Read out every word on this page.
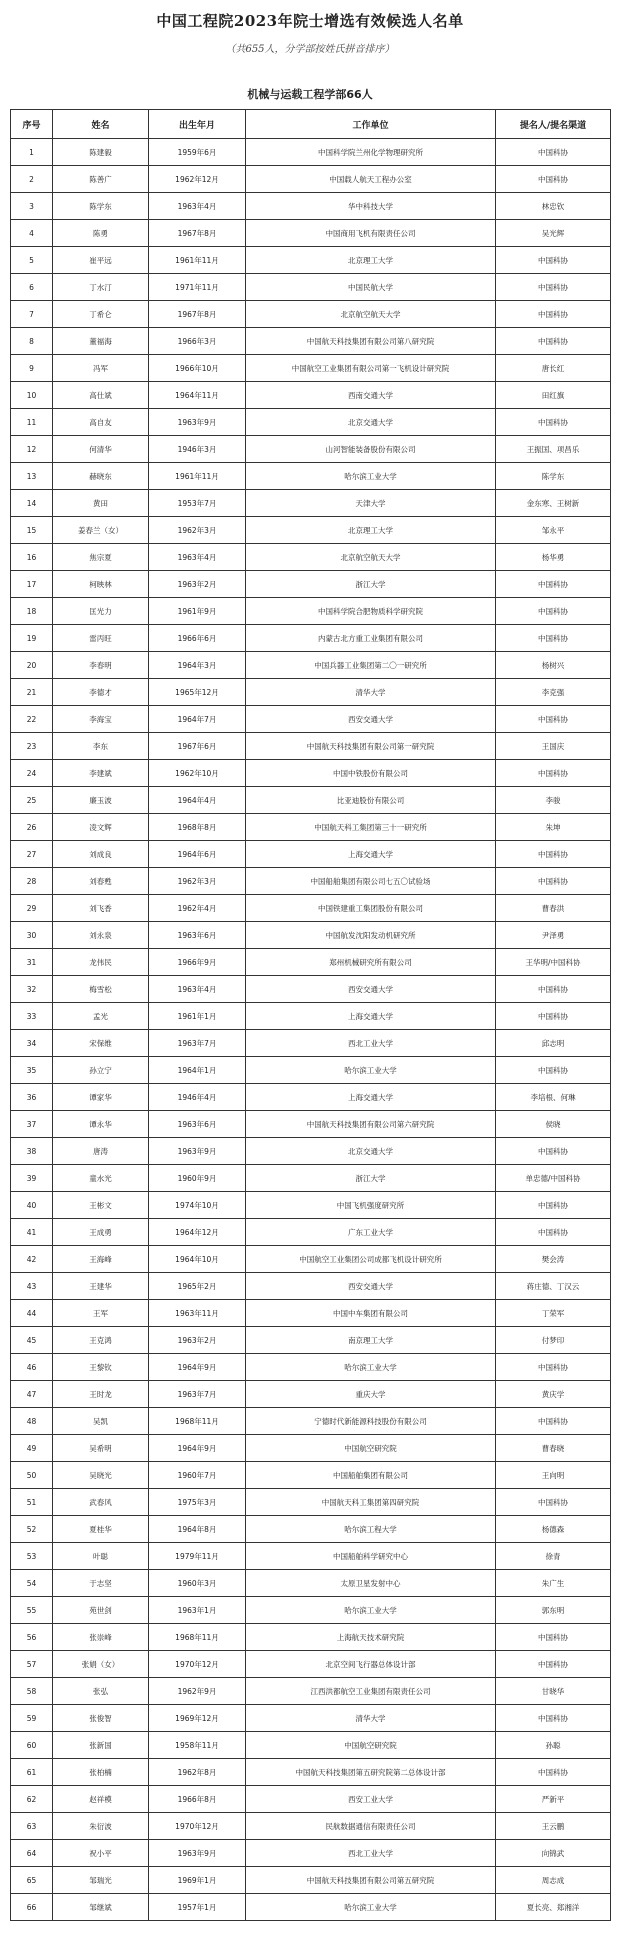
中国工程院2023年院士增选有效候选人名单
（共655人，分学部按姓氏拼音排序）
机械与运载工程学部66人
序号	姓名	出生年月	工作单位	提名人/提名渠道
1	陈建毅	1959年6月	中国科学院兰州化学物理研究所	中国科协
2	陈善广	1962年12月	中国载人航天工程办公室	中国科协
3	陈学东	1963年4月	华中科技大学	林忠钦
4	陈勇	1967年8月	中国商用飞机有限责任公司	吴光辉
5	崔平远	1961年11月	北京理工大学	中国科协
6	丁水汀	1971年11月	中国民航大学	中国科协
7	丁希仑	1967年8月	北京航空航天大学	中国科协
8	董福海	1966年3月	中国航天科技集团有限公司第八研究院	中国科协
9	冯军	1966年10月	中国航空工业集团有限公司第一飞机设计研究院	唐长红
10	高仕斌	1964年11月	西南交通大学	田红旗
11	高自友	1963年9月	北京交通大学	中国科协
12	何清华	1946年3月	山河智能装备股份有限公司	王振国、项昌乐
13	赫晓东	1961年11月	哈尔滨工业大学	陈学东
14	黄田	1953年7月	天津大学	金东寒、王树新
15	姜春兰（女）	1962年3月	北京理工大学	邹永平
16	焦宗夏	1963年4月	北京航空航天大学	杨华勇
17	柯映林	1963年2月	浙江大学	中国科协
18	匡光力	1961年9月	中国科学院合肥物质科学研究院	中国科协
19	雷丙旺	1966年6月	内蒙古北方重工业集团有限公司	中国科协
20	李春明	1964年3月	中国兵器工业集团第二〇一研究所	杨树兴
21	李德才	1965年12月	清华大学	李克强
22	李海宝	1964年7月	西安交通大学	中国科协
23	李东	1967年6月	中国航天科技集团有限公司第一研究院	王国庆
24	李建斌	1962年10月	中国中铁股份有限公司	中国科协
25	廉玉波	1964年4月	比亚迪股份有限公司	李骏
26	凌文辉	1968年8月	中国航天科工集团第三十一研究所	朱坤
27	刘成良	1964年6月	上海交通大学	中国科协
28	刘春甦	1962年3月	中国船舶集团有限公司七五〇试验场	中国科协
29	刘飞香	1962年4月	中国铁建重工集团股份有限公司	曹春洪
30	刘永泉	1963年6月	中国航发沈阳发动机研究所	尹泽勇
31	龙伟民	1966年9月	郑州机械研究所有限公司	王华明/中国科协
32	梅雪松	1963年4月	西安交通大学	中国科协
33	孟光	1961年1月	上海交通大学	中国科协
34	宋保维	1963年7月	西北工业大学	邱志明
35	孙立宁	1964年1月	哈尔滨工业大学	中国科协
36	谭家华	1946年4月	上海交通大学	李培根、何琳
37	谭永华	1963年6月	中国航天科技集团有限公司第六研究院	侯晓
38	唐涛	1963年9月	北京交通大学	中国科协
39	童水光	1960年9月	浙江大学	单忠德/中国科协
40	王彬文	1974年10月	中国飞机强度研究所	中国科协
41	王成勇	1964年12月	广东工业大学	中国科协
42	王海峰	1964年10月	中国航空工业集团公司成都飞机设计研究所	樊会涛
43	王建华	1965年2月	西安交通大学	蒋庄德、丁汉云
44	王军	1963年11月	中国中车集团有限公司	丁荣军
45	王克鸿	1963年2月	南京理工大学	付梦印
46	王黎钦	1964年9月	哈尔滨工业大学	中国科协
47	王时龙	1963年7月	重庆大学	黄庆学
48	吴凯	1968年11月	宁德时代新能源科技股份有限公司	中国科协
49	吴希明	1964年9月	中国航空研究院	曹春晓
50	吴晓光	1960年7月	中国船舶集团有限公司	王向明
51	武春风	1975年3月	中国航天科工集团第四研究院	中国科协
52	夏桂华	1964年8月	哈尔滨工程大学	杨德森
53	叶聪	1979年11月	中国船舶科学研究中心	徐青
54	于志坚	1960年3月	太原卫星发射中心	朱广生
55	苑世剑	1963年1月	哈尔滨工业大学	郭东明
56	张崇峰	1968年11月	上海航天技术研究院	中国科协
57	张娟（女）	1970年12月	北京空间飞行器总体设计部	中国科协
58	张弘	1962年9月	江西洪都航空工业集团有限责任公司	甘晓华
59	张俊智	1969年12月	清华大学	中国科协
60	张新国	1958年11月	中国航空研究院	孙聪
61	张柏楠	1962年8月	中国航天科技集团第五研究院第二总体设计部	中国科协
62	赵祥模	1966年8月	西安工业大学	严新平
63	朱衍波	1970年12月	民航数据通信有限责任公司	王云鹏
64	祝小平	1963年9月	西北工业大学	向锦武
65	邹瑞光	1969年1月	中国航天科技集团有限公司第五研究院	周志成
66	邹继斌	1957年1月	哈尔滨工业大学	夏长亮、郑湘洋
